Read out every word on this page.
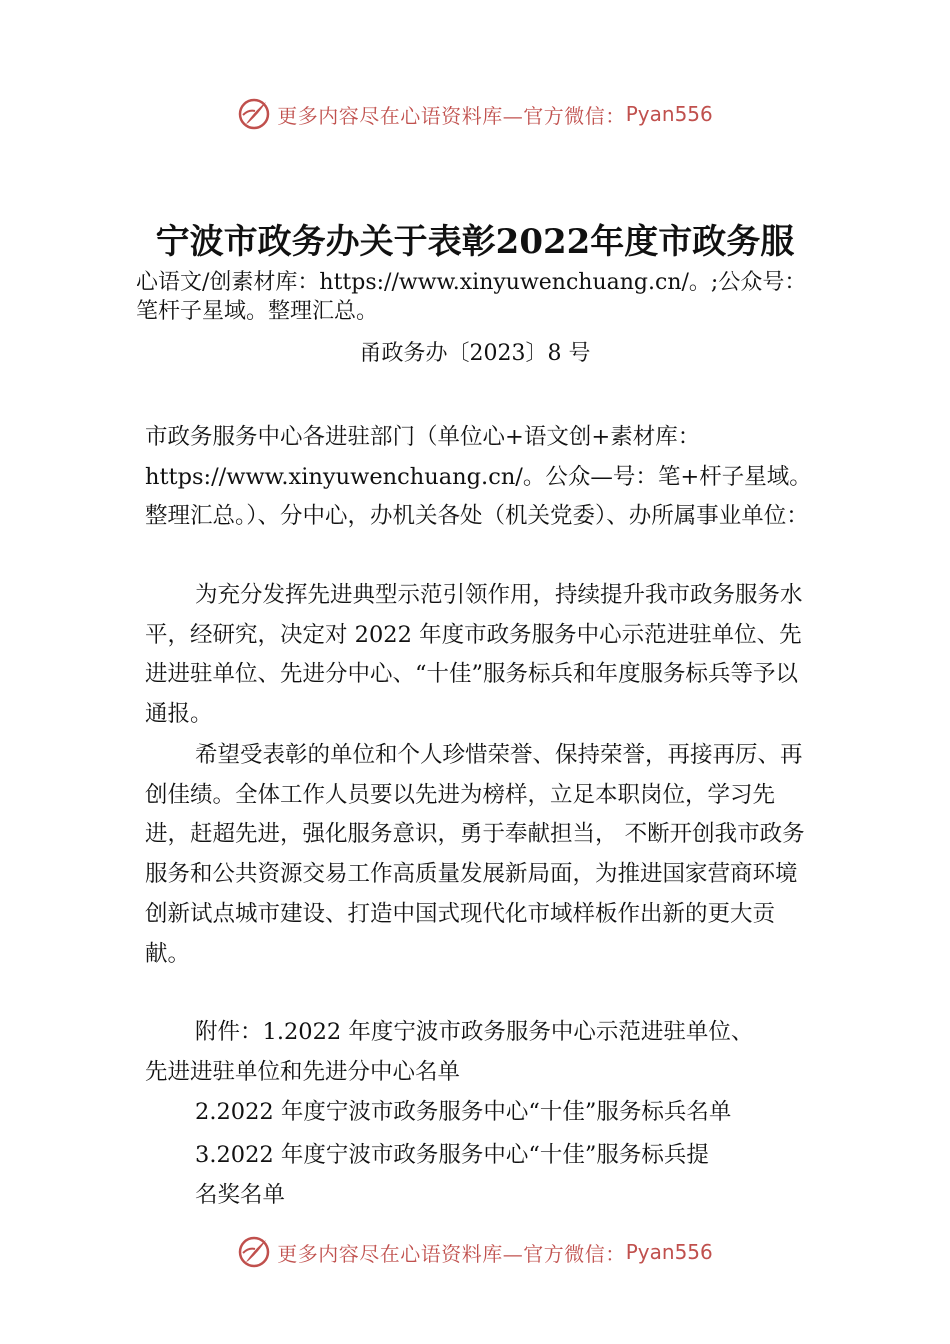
更多内容尽在心语资料库—官方微信： Pyan556
宁波市政务办关于表彰2022年度市政务服
心语文/创素材库：https://www.xinyuwenchuang.cn/。;公众号：笔杆子星域。整理汇总。
甬政务办〔2023〕8 号
市政务服务中心各进驻部门（单位心+语文创+素材库：https://www.xinyuwenchuang.cn/。公众—号：笔+杆子星域。整理汇总。）、分中心，办机关各处（机关党委）、办所属事业单位：
为充分发挥先进典型示范引领作用，持续提升我市政务服务水平，经研究，决定对 2022 年度市政务服务中心示范进驻单位、先进进驻单位、先进分中心、“十佳”服务标兵和年度服务标兵等予以通报。
希望受表彰的单位和个人珍惜荣誉、保持荣誉，再接再厉、再创佳绩。全体工作人员要以先进为榜样，立足本职岗位，学习先进，赶超先进，强化服务意识，勇于奉献担当， 不断开创我市政务服务和公共资源交易工作高质量发展新局面，为推进国家营商环境创新试点城市建设、打造中国式现代化市域样板作出新的更大贡献。
附件：1.2022 年度宁波市政务服务中心示范进驻单位、
先进进驻单位和先进分中心名单
2.2022 年度宁波市政务服务中心“十佳”服务标兵名单
3.2022 年度宁波市政务服务中心“十佳”服务标兵提
名奖名单
更多内容尽在心语资料库—官方微信： Pyan556
